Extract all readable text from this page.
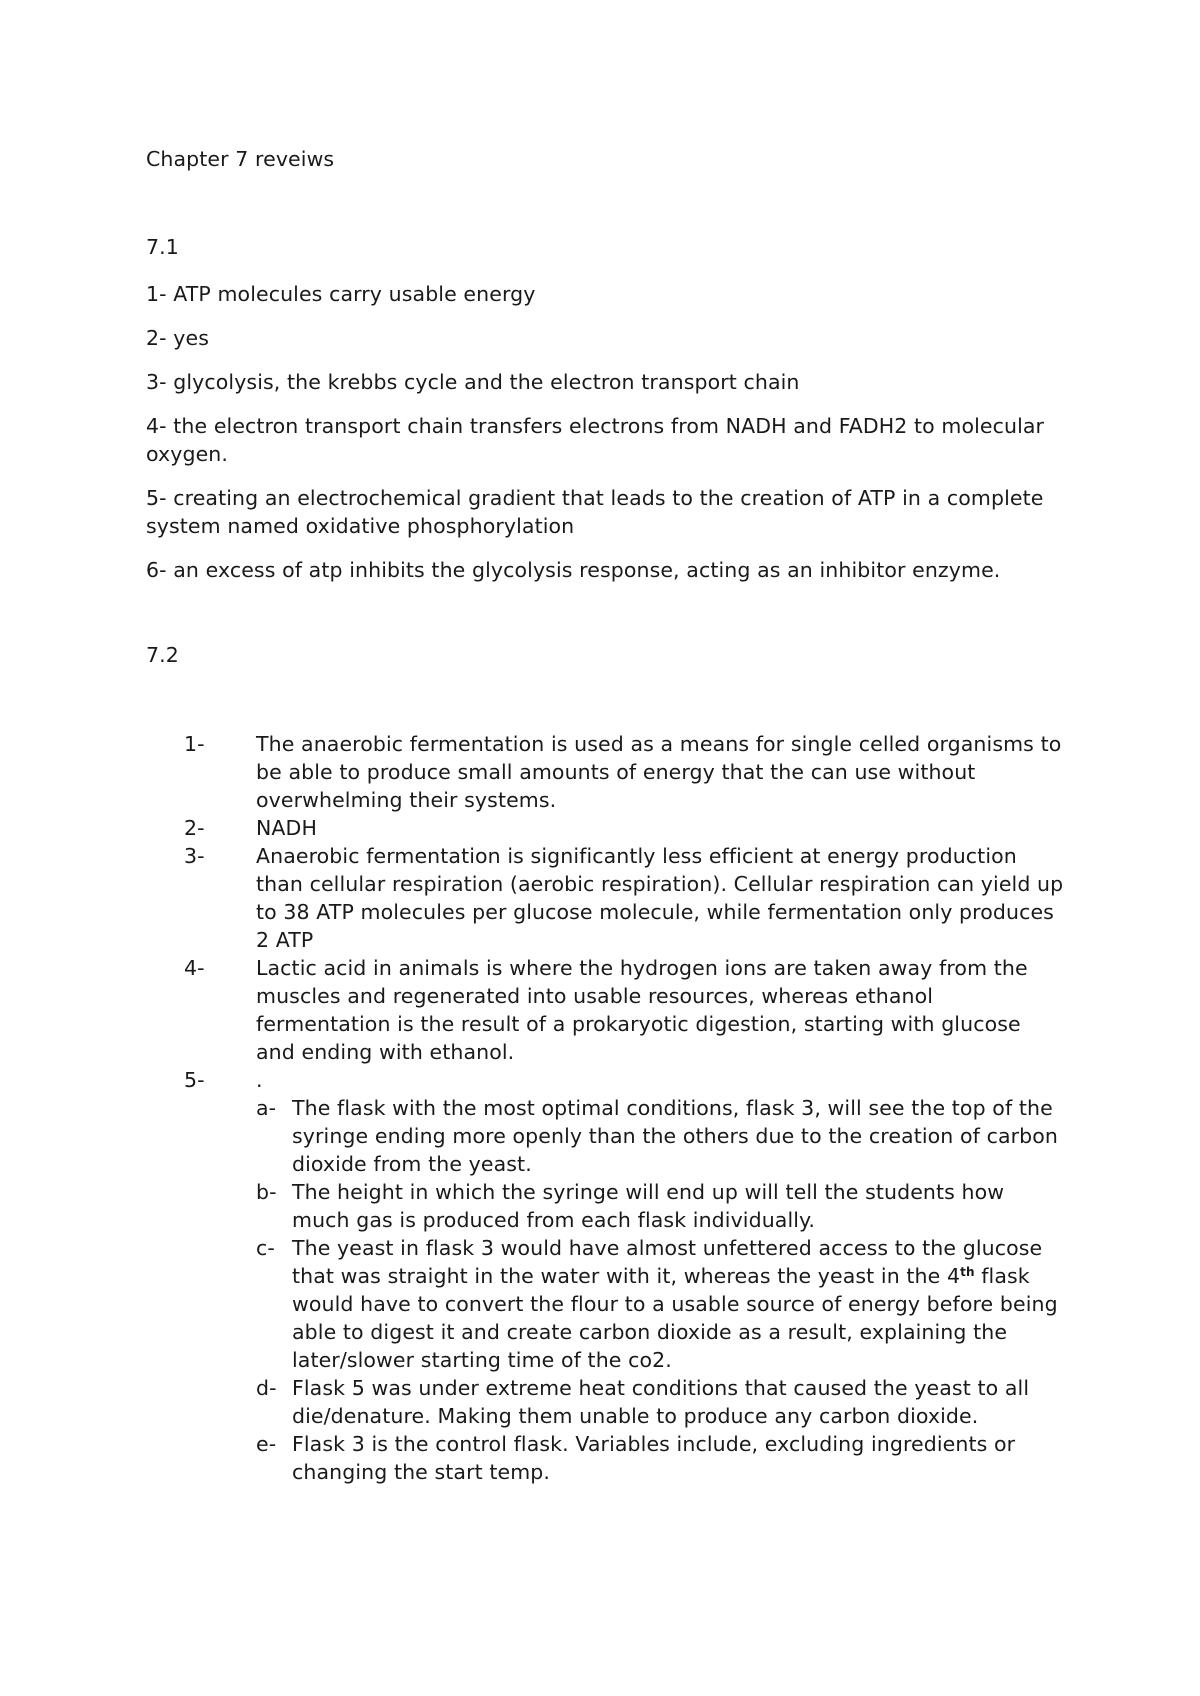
Chapter 7 reveiws
7.1
1- ATP molecules carry usable energy
2- yes
3- glycolysis, the krebbs cycle and the electron transport chain
4- the electron transport chain transfers electrons from NADH and FADH2 to molecular oxygen.
5- creating an electrochemical gradient that leads to the creation of ATP in a complete system named oxidative phosphorylation
6- an excess of atp inhibits the glycolysis response, acting as an inhibitor enzyme.
7.2
1-	The anaerobic fermentation is used as a means for single celled organisms to be able to produce small amounts of energy that the can use without overwhelming their systems.
2-	NADH
3-	Anaerobic fermentation is significantly less efficient at energy production than cellular respiration (aerobic respiration). Cellular respiration can yield up to 38 ATP molecules per glucose molecule, while fermentation only produces 2 ATP
4-	Lactic acid in animals is where the hydrogen ions are taken away from the muscles and regenerated into usable resources, whereas ethanol fermentation is the result of a prokaryotic digestion, starting with glucose and ending with ethanol.
5-	.
a- The flask with the most optimal conditions, flask 3, will see the top of the syringe ending more openly than the others due to the creation of carbon dioxide from the yeast.
b- The height in which the syringe will end up will tell the students how much gas is produced from each flask individually.
c- The yeast in flask 3 would have almost unfettered access to the glucose that was straight in the water with it, whereas the yeast in the 4th flask would have to convert the flour to a usable source of energy before being able to digest it and create carbon dioxide as a result, explaining the later/slower starting time of the co2.
d- Flask 5 was under extreme heat conditions that caused the yeast to all die/denature. Making them unable to produce any carbon dioxide.
e- Flask 3 is the control flask. Variables include, excluding ingredients or changing the start temp.
